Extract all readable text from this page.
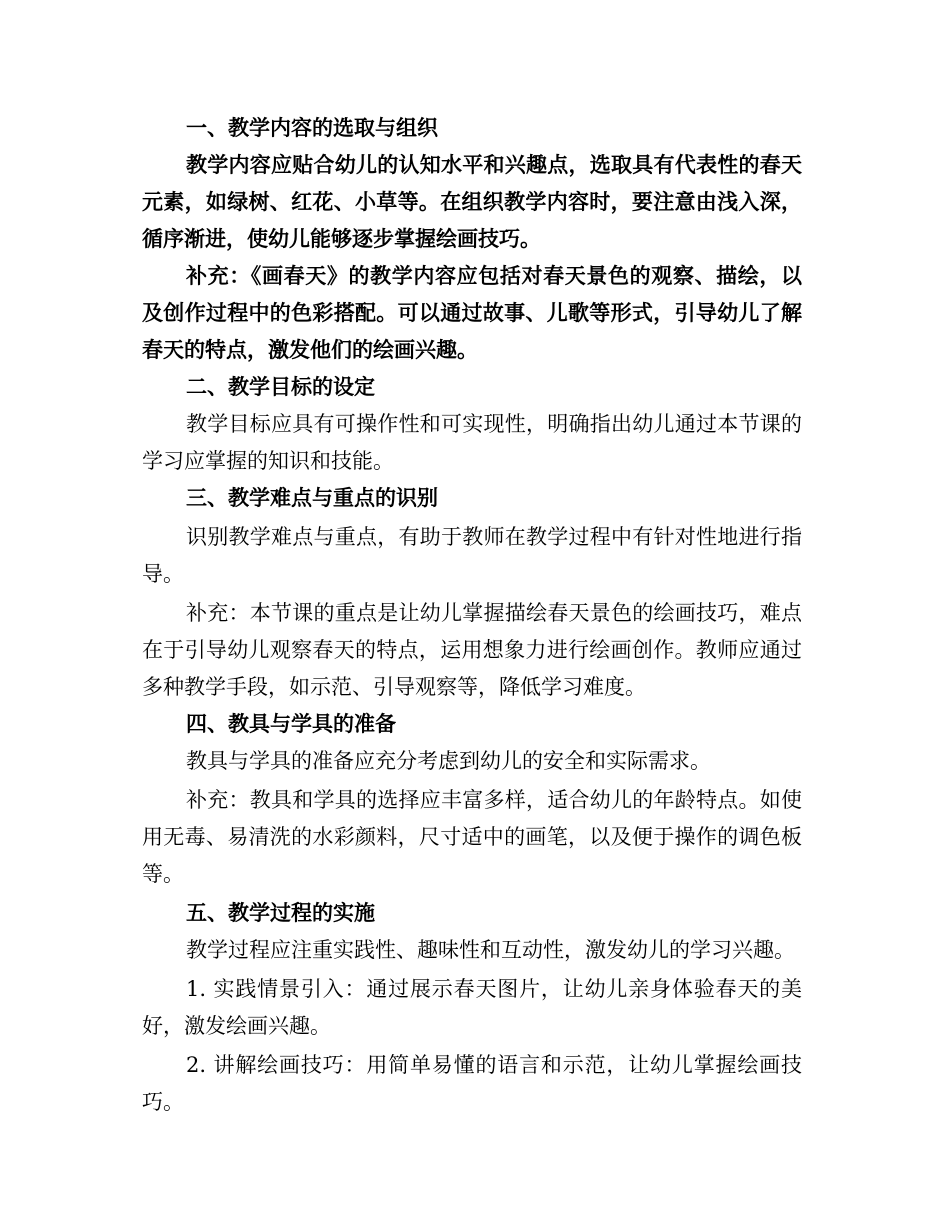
一、教学内容的选取与组织

教学内容应贴合幼儿的认知水平和兴趣点，选取具有代表性的春天元素，如绿树、红花、小草等。在组织教学内容时，要注意由浅入深，循序渐进，使幼儿能够逐步掌握绘画技巧。

补充：《画春天》的教学内容应包括对春天景色的观察、描绘，以及创作过程中的色彩搭配。可以通过故事、儿歌等形式，引导幼儿了解春天的特点，激发他们的绘画兴趣。

二、教学目标的设定

教学目标应具有可操作性和可实现性，明确指出幼儿通过本节课的学习应掌握的知识和技能。

三、教学难点与重点的识别

识别教学难点与重点，有助于教师在教学过程中有针对性地进行指导。

补充：本节课的重点是让幼儿掌握描绘春天景色的绘画技巧，难点在于引导幼儿观察春天的特点，运用想象力进行绘画创作。教师应通过多种教学手段，如示范、引导观察等，降低学习难度。

四、教具与学具的准备

教具与学具的准备应充分考虑到幼儿的安全和实际需求。

补充：教具和学具的选择应丰富多样，适合幼儿的年龄特点。如使用无毒、易清洗的水彩颜料，尺寸适中的画笔，以及便于操作的调色板等。

五、教学过程的实施

教学过程应注重实践性、趣味性和互动性，激发幼儿的学习兴趣。

1. 实践情景引入：通过展示春天图片，让幼儿亲身体验春天的美好，激发绘画兴趣。

2. 讲解绘画技巧：用简单易懂的语言和示范，让幼儿掌握绘画技巧。
